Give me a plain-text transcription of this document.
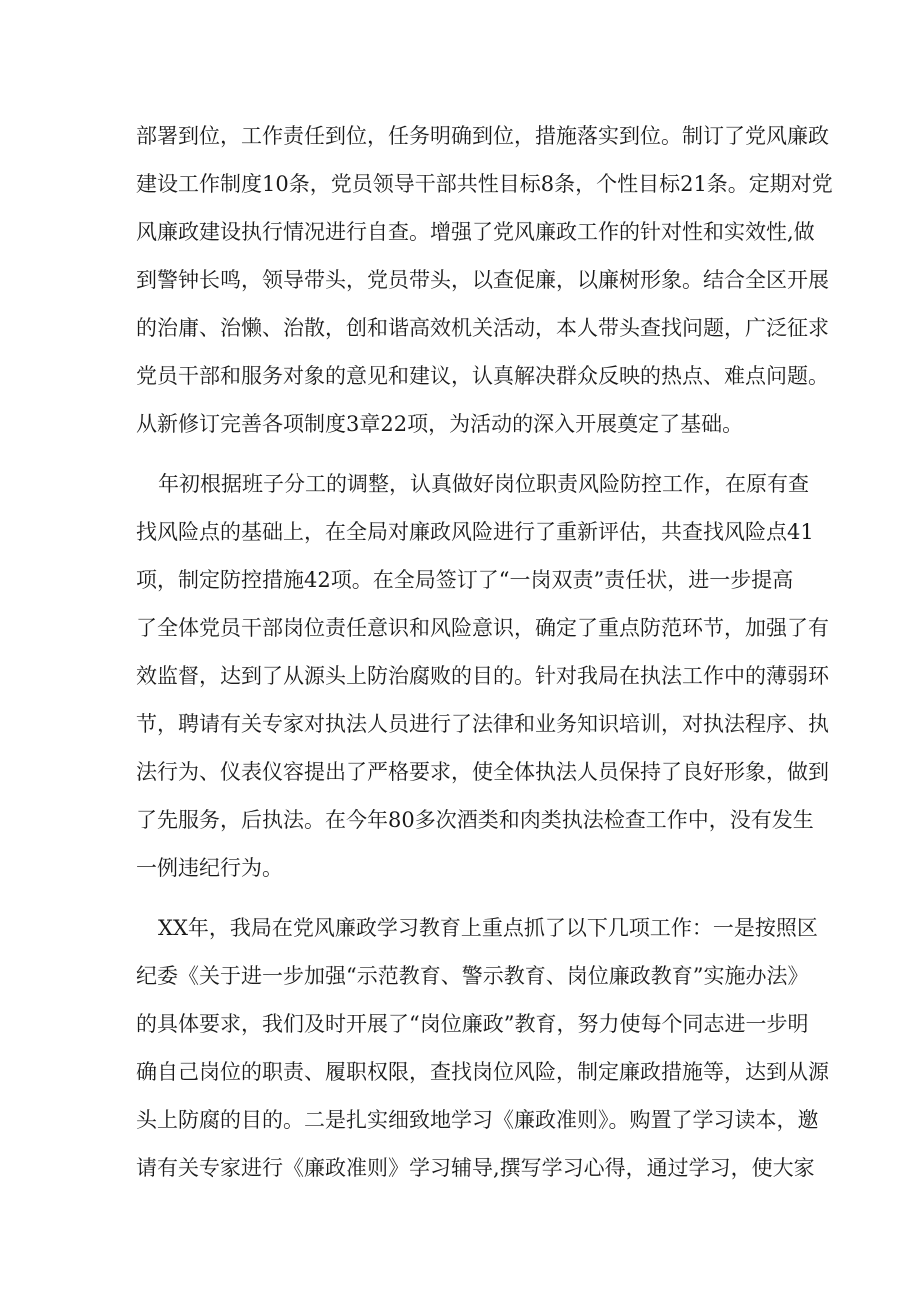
部署到位，工作责任到位，任务明确到位，措施落实到位。制订了党风廉政
建设工作制度10条，党员领导干部共性目标8条，个性目标21条。定期对党
风廉政建设执行情况进行自查。增强了党风廉政工作的针对性和实效性,做
到警钟长鸣，领导带头，党员带头，以查促廉，以廉树形象。结合全区开展
的治庸、治懒、治散，创和谐高效机关活动，本人带头查找问题，广泛征求
党员干部和服务对象的意见和建议，认真解决群众反映的热点、难点问题。
从新修订完善各项制度3章22项，为活动的深入开展奠定了基础。
年初根据班子分工的调整，认真做好岗位职责风险防控工作，在原有查
找风险点的基础上，在全局对廉政风险进行了重新评估，共查找风险点41
项，制定防控措施42项。在全局签订了“一岗双责”责任状，进一步提高
了全体党员干部岗位责任意识和风险意识，确定了重点防范环节，加强了有
效监督，达到了从源头上防治腐败的目的。针对我局在执法工作中的薄弱环
节，聘请有关专家对执法人员进行了法律和业务知识培训，对执法程序、执
法行为、仪表仪容提出了严格要求，使全体执法人员保持了良好形象，做到
了先服务，后执法。在今年80多次酒类和肉类执法检查工作中，没有发生
一例违纪行为。
XX年，我局在党风廉政学习教育上重点抓了以下几项工作：一是按照区
纪委《关于进一步加强“示范教育、警示教育、岗位廉政教育”实施办法》
的具体要求，我们及时开展了“岗位廉政”教育，努力使每个同志进一步明
确自己岗位的职责、履职权限，查找岗位风险，制定廉政措施等，达到从源
头上防腐的目的。二是扎实细致地学习《廉政准则》。购置了学习读本，邀
请有关专家进行《廉政准则》学习辅导,撰写学习心得，通过学习，使大家
